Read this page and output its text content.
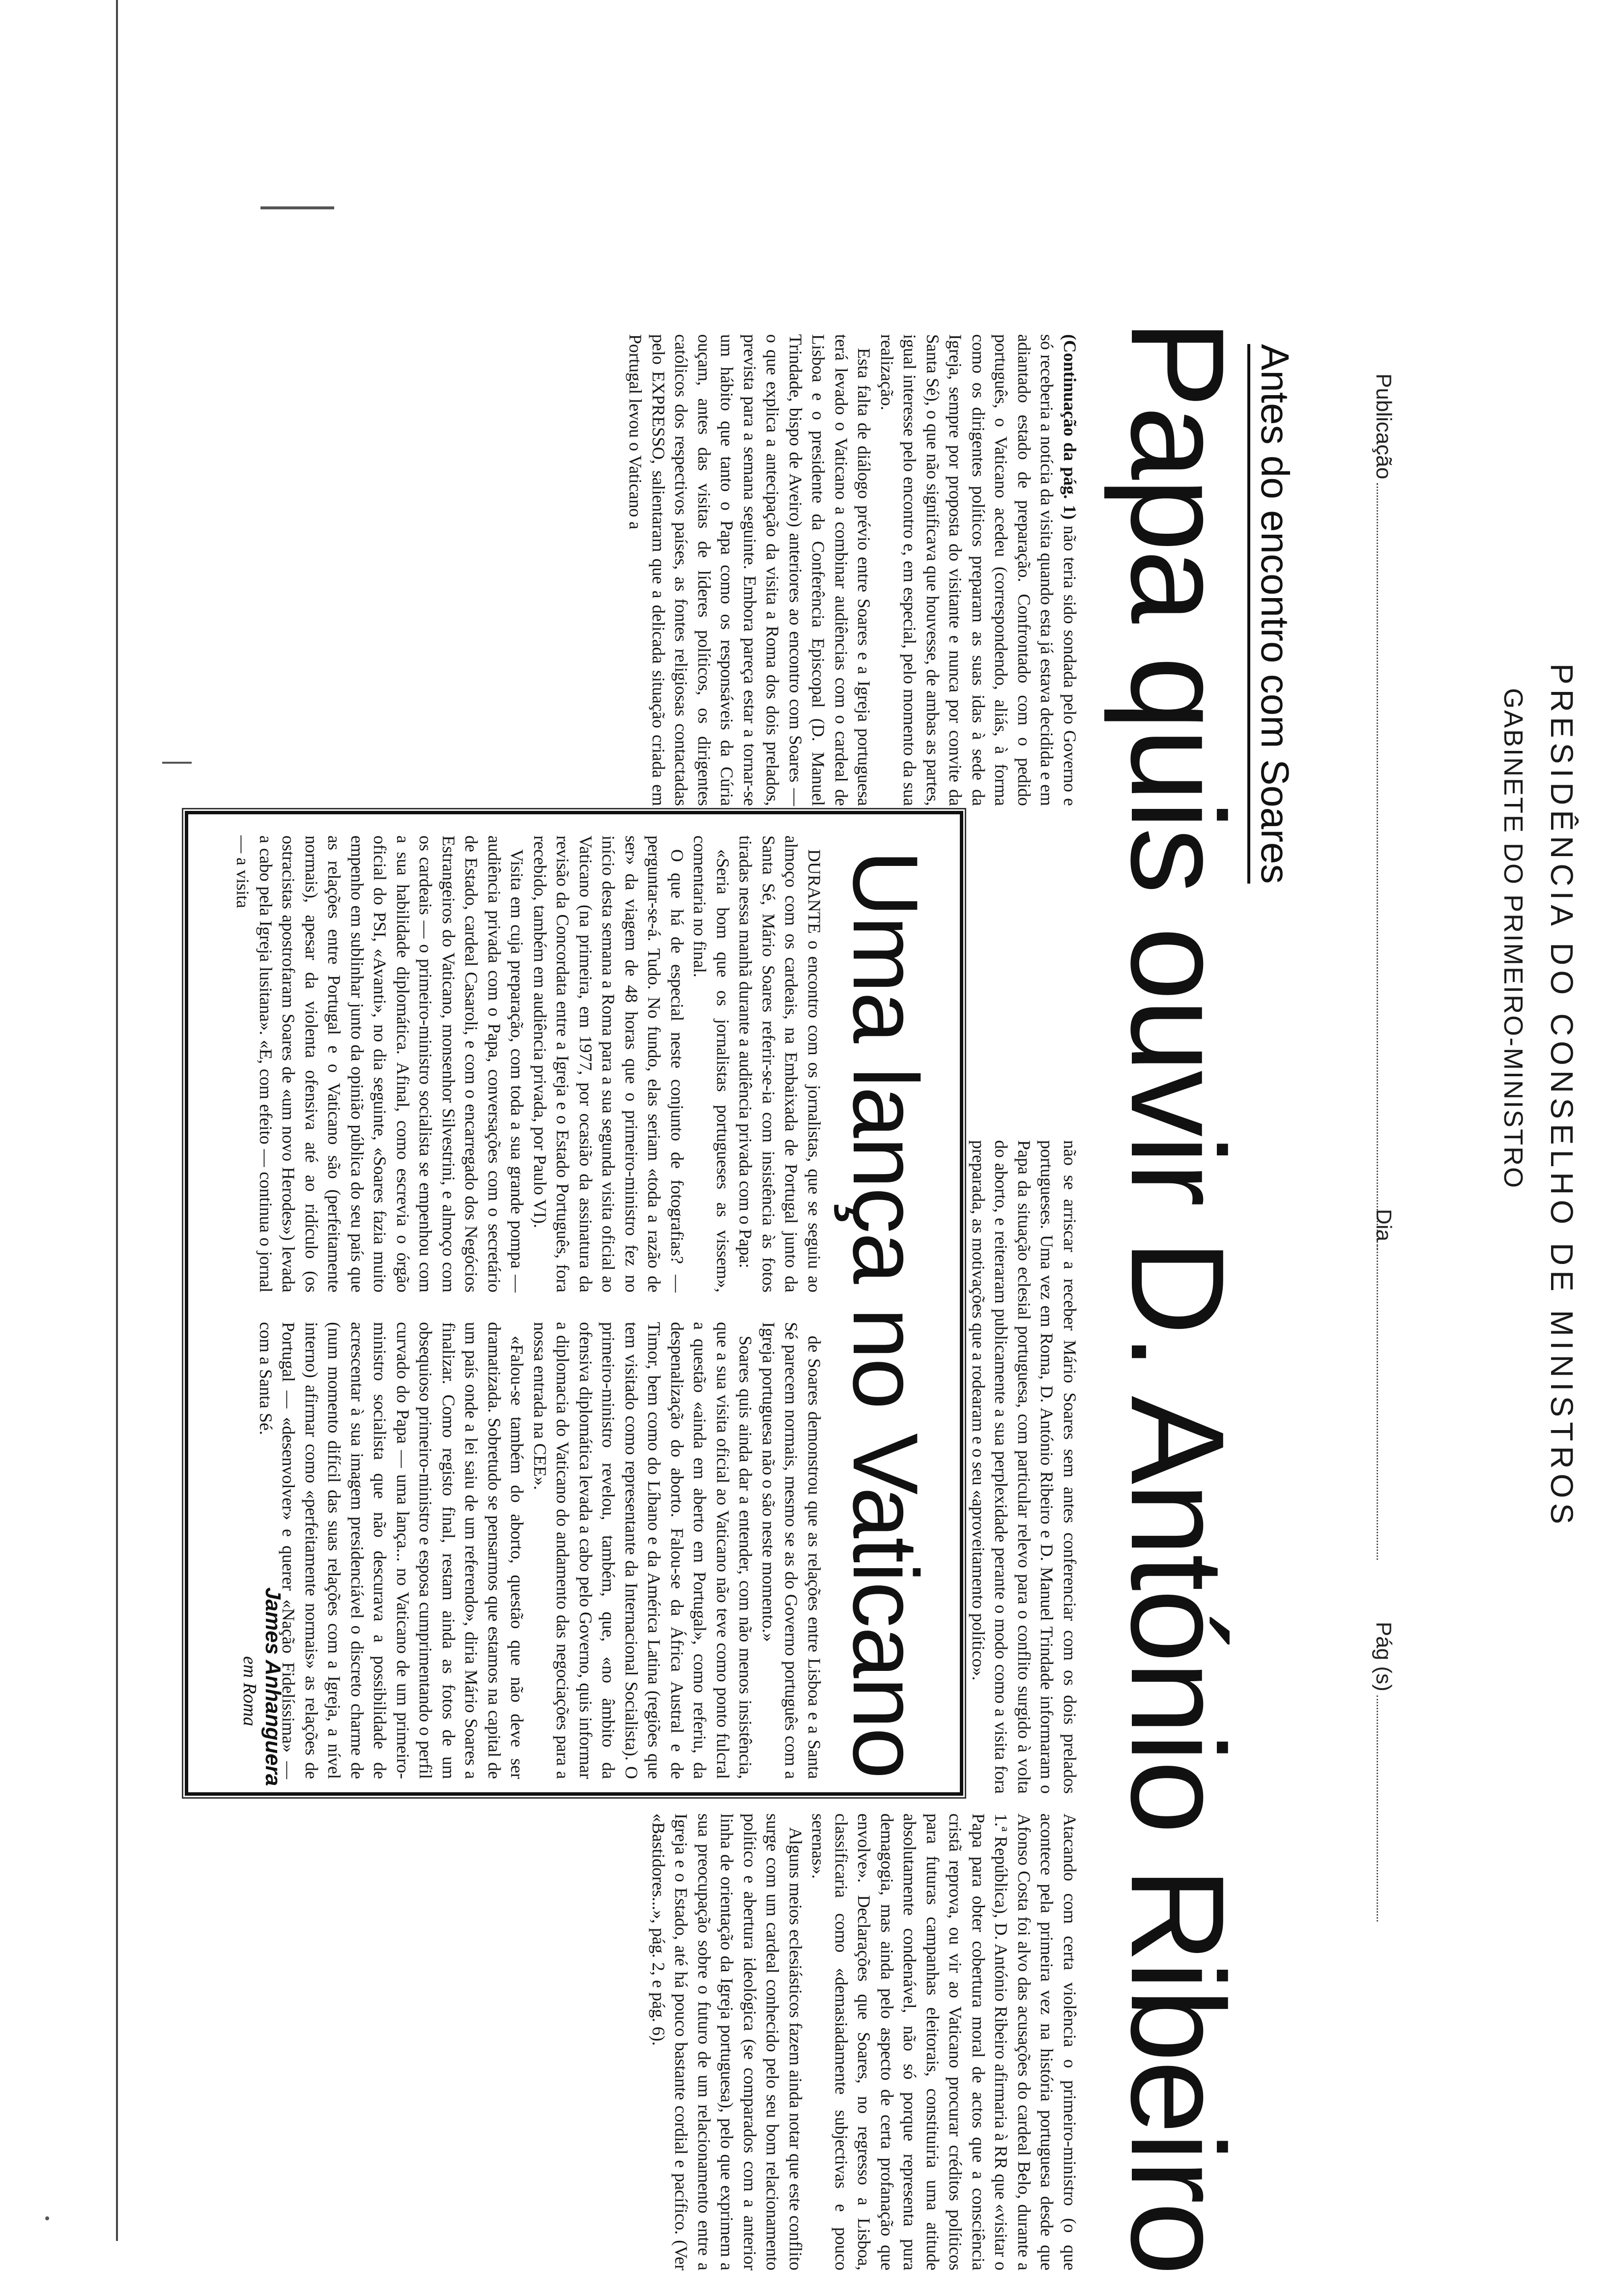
PRESIDÊNCIA DO CONSELHO DE MINISTROS
GABINETE DO PRIMEIRO-MINISTRO
Publicação
Dia
Pág (s)
Antes do encontro com Soares
Papa quis ouvir D. António Ribeiro

(Continuação da pág. 1) não teria sido sondada pelo Governo e só receberia a notícia da visita quando esta já estava decidida e em adiantado estado de preparação. Confrontado com o pedido português, o Vaticano acedeu (correspondendo, aliás, à forma como os dirigentes políticos preparam as suas idas à sede da Igreja, sempre por proposta do visitante e nunca por convite da Santa Sé), o que não significava que houvesse, de ambas as partes, igual interesse pelo encontro e, em especial, pelo momento da sua realização.

Esta falta de diálogo prévio entre Soares e a Igreja portuguesa terá levado o Vaticano a combinar audiências com o cardeal de Lisboa e o presidente da Conferência Episcopal (D. Manuel Trindade, bispo de Aveiro) anteriores ao encontro com Soares — o que explica a antecipação da visita a Roma dos dois prelados, prevista para a semana seguinte. Embora pareça estar a tornar-se um hábito que tanto o Papa como os responsáveis da Cúria ouçam, antes das visitas de líderes políticos, os dirigentes católicos dos respectivos países, as fontes religiosas contactadas pelo EXPRESSO, salientaram que a delicada situação criada em Portugal levou o Vaticano a

não se arriscar a receber Mário Soares sem antes conferenciar com os dois prelados portugueses. Uma vez em Roma, D. António Ribeiro e D. Manuel Trindade informaram o Papa da situação eclesial portuguesa, com particular relevo para o conflito surgido à volta do aborto, e reiteraram publicamente a sua perplexidade perante o modo como a visita fora preparada, as motivações que a rodearam e o seu «aproveitamento político».

Uma lança no Vaticano

DURANTE o encontro com os jornalistas, que se seguiu ao almoço com os cardeais, na Embaixada de Portugal junto da Santa Sé, Mário Soares referir-se-ia com insistência às fotos tiradas nessa manhã durante a audiência privada com o Papa:

«Seria bom que os jornalistas portugueses as vissem», comentaria no final.

O que há de especial neste conjunto de fotografias? — perguntar-se-á. Tudo. No fundo, elas seriam «toda a razão de ser» da viagem de 48 horas que o primeiro-ministro fez no início desta semana a Roma para a sua segunda visita oficial ao Vaticano (na primeira, em 1977, por ocasião da assinatura da revisão da Concordata entre a Igreja e o Estado Português, fora recebido, também em audiência privada, por Paulo VI).

Visita em cuja preparação, com toda a sua grande pompa — audiência privada com o Papa, conversações com o secretário de Estado, cardeal Casaroli, e com o encarregado dos Negócios Estrangeiros do Vaticano, monsenhor Silvestrini, e almoço com os cardeais — o primeiro-ministro socialista se empenhou com a sua habilidade diplomática. Afinal, como escrevia o órgão oficial do PSI, «Avanti», no dia seguinte, «Soares fazia muito empenho em sublinhar junto da opinião pública do seu país que as relações entre Portugal e o Vaticano são (perfeitamente normais), apesar da violenta ofensiva até ao ridículo (os ostracistas apostrofaram Soares de «um novo Herodes») levada a cabo pela Igreja lusitana». «E, com efeito — continua o jornal — a visita

de Soares demonstrou que as relações entre Lisboa e a Santa Sé parecem normais, mesmo se as do Governo português com a Igreja portuguesa não o são neste momento.»

Soares quis ainda dar a entender, com não menos insistência, que a sua visita oficial ao Vaticano não teve como ponto fulcral a questão «ainda em aberto em Portugal», como referiu, da despenalização do aborto. Falou-se da África Austral e de Timor, bem como do Líbano e da América Latina (regiões que tem visitado como representante da Internacional Socialista). O primeiro-ministro revelou, também, que, «no âmbito da ofensiva diplomática levada a cabo pelo Governo, quis informar a diplomacia do Vaticano do andamento das negociações para a nossa entrada na CEE».

«Falou-se também do aborto, questão que não deve ser dramatizada. Sobretudo se pensarmos que estamos na capital de um país onde a lei saiu de um referendo», diria Mário Soares a finalizar. Como registo final, restam ainda as fotos de um obsequioso primeiro-ministro e esposa cumprimentando o perfil curvado do Papa — uma lança... no Vaticano de um primeiro-ministro socialista que não descurava a possibilidade de acrescentar à sua imagem presidenciável o discreto charme de (num momento difícil das suas relações com a Igreja, a nível interno) afirmar como «perfeitamente normais» as relações de Portugal — «desenvolver» e querer «Nação Fidelíssima» — com a Santa Sé.

James Anhanguera
em Roma

Atacando com certa violência o primeiro-ministro (o que acontece pela primeira vez na história portuguesa desde que Afonso Costa foi alvo das acusações do cardeal Belo, durante a 1.ª República), D. António Ribeiro afirmaria à RR que «visitar o Papa para obter cobertura moral de actos que a consciência cristã reprova, ou vir ao Vaticano procurar créditos políticos para futuras campanhas eleitorais, constituiria uma atitude absolutamente condenável, não só porque representa pura demagogia, mas ainda pelo aspecto de certa profanação que envolve». Declarações que Soares, no regresso a Lisboa, classificaria como «demasiadamente subjectivas e pouco serenas».

Alguns meios eclesiásticos fazem ainda notar que este conflito surge com um cardeal conhecido pelo seu bom relacionamento político e abertura ideológica (se comparados com a anterior linha de orientação da Igreja portuguesa), pelo que exprimem a sua preocupação sobre o futuro de um relacionamento entre a Igreja e o Estado, até há pouco bastante cordial e pacífico. (Ver «Bastidores...», pág. 2, e pág. 6).
